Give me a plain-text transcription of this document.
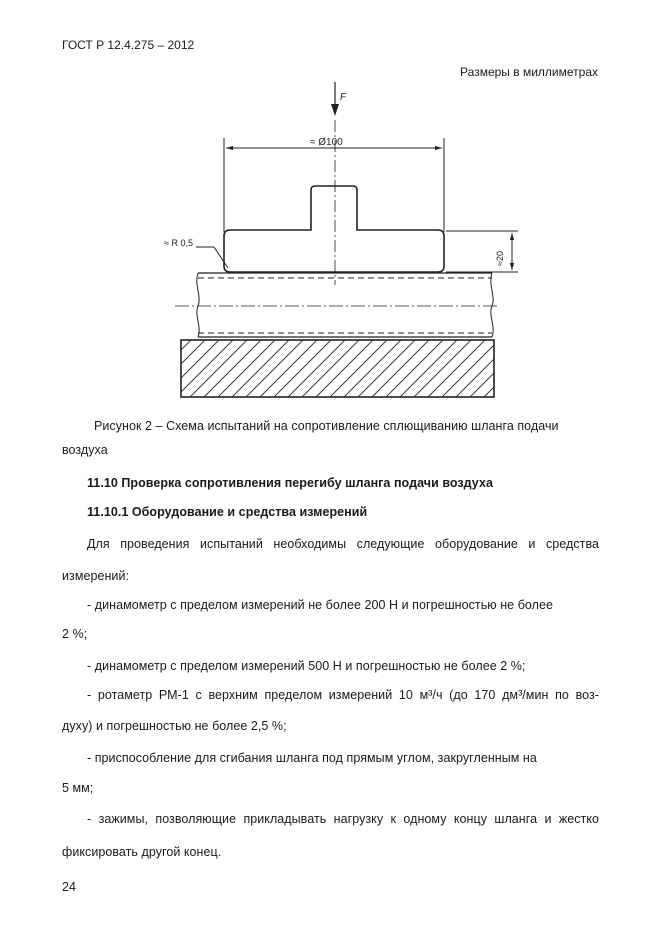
ГОСТ Р 12.4.275 – 2012
Размеры в миллиметрах
F
≈ Ø100
≈ R 0,5
≈20
Рисунок 2 – Схема испытаний на сопротивление сплющиванию шланга подачи
воздуха
11.10 Проверка сопротивления перегибу шланга подачи воздуха
11.10.1 Оборудование и средства измерений
Для проведения испытаний необходимы следующие оборудование и средства
измерений:
- динамометр с пределом измерений не более 200 Н и погрешностью не более
2 %;
- динамометр с пределом измерений 500 Н и погрешностью не более 2 %;
- ротаметр РМ-1 с верхним пределом измерений 10 м³/ч (до 170 дм³/мин по воз-
духу) и погрешностью не более 2,5 %;
- приспособление для сгибания шланга под прямым углом, закругленным на
5 мм;
- зажимы, позволяющие прикладывать нагрузку к одному концу шланга и жестко
фиксировать другой конец.
24
